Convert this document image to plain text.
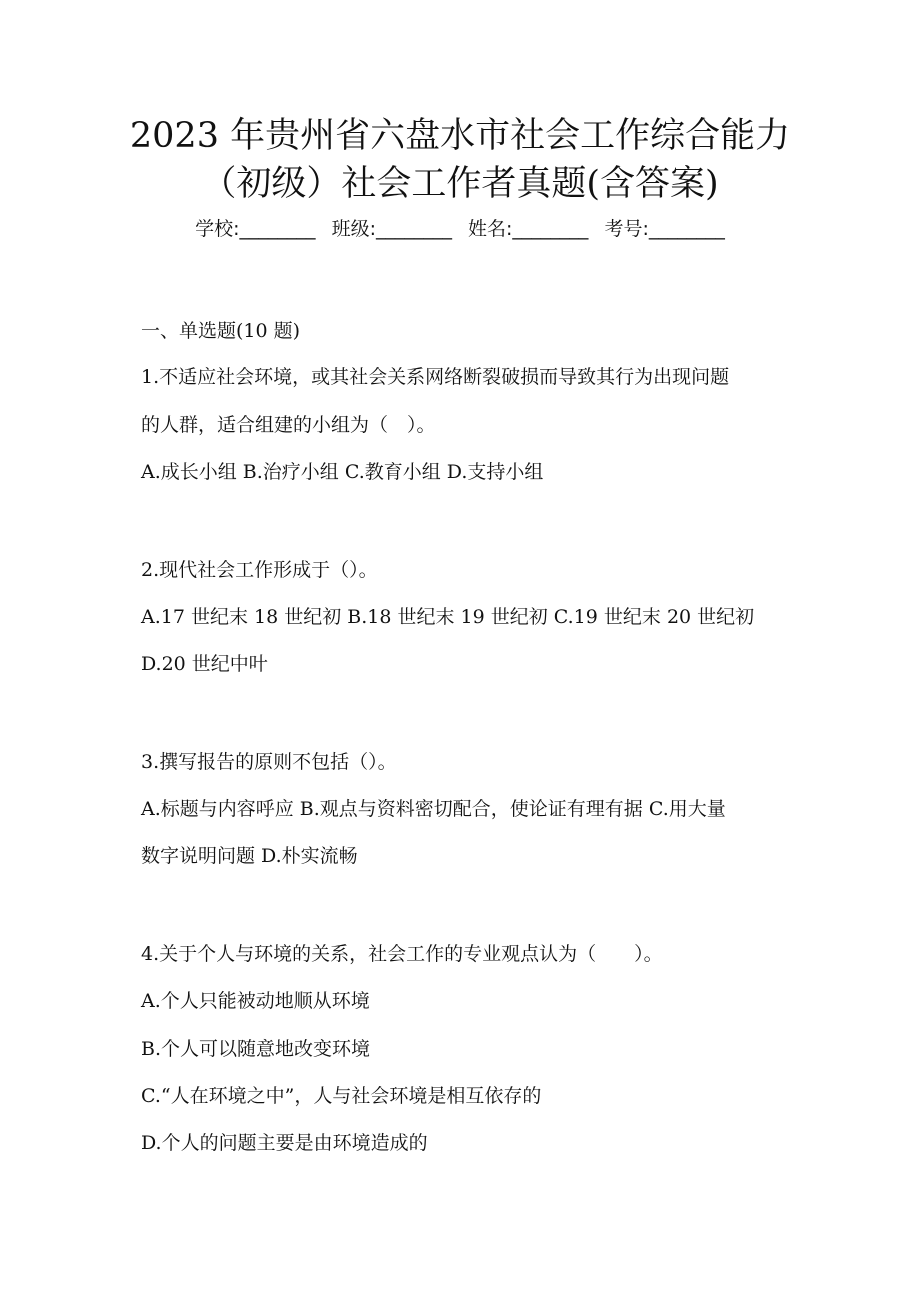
2023 年贵州省六盘水市社会工作综合能力
（初级）社会工作者真题(含答案)
学校:________ 班级:________ 姓名:________ 考号:________
一、单选题(10 题)
1.不适应社会环境，或其社会关系网络断裂破损而导致其行为出现问题
的人群，适合组建的小组为（　）。
A.成长小组 B.治疗小组 C.教育小组 D.支持小组
2.现代社会工作形成于（）。
A.17 世纪末 18 世纪初 B.18 世纪末 19 世纪初 C.19 世纪末 20 世纪初
D.20 世纪中叶
3.撰写报告的原则不包括（）。
A.标题与内容呼应 B.观点与资料密切配合，使论证有理有据 C.用大量
数字说明问题 D.朴实流畅
4.关于个人与环境的关系，社会工作的专业观点认为（　　）。
A.个人只能被动地顺从环境
B.个人可以随意地改变环境
C.“人在环境之中”，人与社会环境是相互依存的
D.个人的问题主要是由环境造成的
